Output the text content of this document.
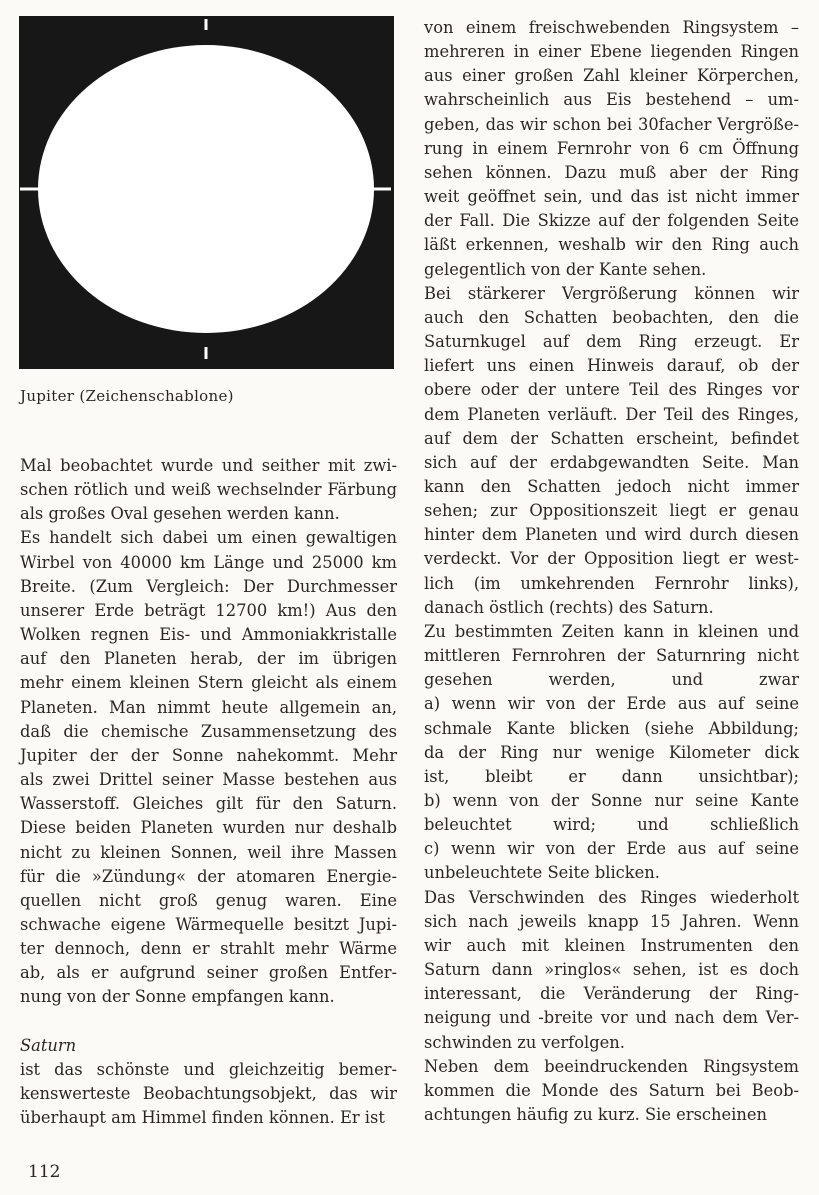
Jupiter (Zeichenschablone)
Mal beobachtet wurde und seither mit zwi-
schen rötlich und weiß wechselnder Färbung
als großes Oval gesehen werden kann.
Es handelt sich dabei um einen gewaltigen
Wirbel von 40000 km Länge und 25000 km
Breite. (Zum Vergleich: Der Durchmesser
unserer Erde beträgt 12700 km!) Aus den
Wolken regnen Eis- und Ammoniakkristalle
auf den Planeten herab, der im übrigen
mehr einem kleinen Stern gleicht als einem
Planeten. Man nimmt heute allgemein an,
daß die chemische Zusammensetzung des
Jupiter der der Sonne nahekommt. Mehr
als zwei Drittel seiner Masse bestehen aus
Wasserstoff. Gleiches gilt für den Saturn.
Diese beiden Planeten wurden nur deshalb
nicht zu kleinen Sonnen, weil ihre Massen
für die »Zündung« der atomaren Energie-
quellen nicht groß genug waren. Eine
schwache eigene Wärmequelle besitzt Jupi-
ter dennoch, denn er strahlt mehr Wärme
ab, als er aufgrund seiner großen Entfer-
nung von der Sonne empfangen kann.
Saturn
ist das schönste und gleichzeitig bemer-
kenswerteste Beobachtungsobjekt, das wir
überhaupt am Himmel finden können. Er ist
von einem freischwebenden Ringsystem –
mehreren in einer Ebene liegenden Ringen
aus einer großen Zahl kleiner Körperchen,
wahrscheinlich aus Eis bestehend – um-
geben, das wir schon bei 30facher Vergröße-
rung in einem Fernrohr von 6 cm Öffnung
sehen können. Dazu muß aber der Ring
weit geöffnet sein, und das ist nicht immer
der Fall. Die Skizze auf der folgenden Seite
läßt erkennen, weshalb wir den Ring auch
gelegentlich von der Kante sehen.
Bei stärkerer Vergrößerung können wir
auch den Schatten beobachten, den die
Saturnkugel auf dem Ring erzeugt. Er
liefert uns einen Hinweis darauf, ob der
obere oder der untere Teil des Ringes vor
dem Planeten verläuft. Der Teil des Ringes,
auf dem der Schatten erscheint, befindet
sich auf der erdabgewandten Seite. Man
kann den Schatten jedoch nicht immer
sehen; zur Oppositionszeit liegt er genau
hinter dem Planeten und wird durch diesen
verdeckt. Vor der Opposition liegt er west-
lich (im umkehrenden Fernrohr links),
danach östlich (rechts) des Saturn.
Zu bestimmten Zeiten kann in kleinen und
mittleren Fernrohren der Saturnring nicht
gesehen werden, und zwar
a) wenn wir von der Erde aus auf seine
schmale Kante blicken (siehe Abbildung;
da der Ring nur wenige Kilometer dick
ist, bleibt er dann unsichtbar);
b) wenn von der Sonne nur seine Kante
beleuchtet wird; und schließlich
c) wenn wir von der Erde aus auf seine
unbeleuchtete Seite blicken.
Das Verschwinden des Ringes wiederholt
sich nach jeweils knapp 15 Jahren. Wenn
wir auch mit kleinen Instrumenten den
Saturn dann »ringlos« sehen, ist es doch
interessant, die Veränderung der Ring-
neigung und -breite vor und nach dem Ver-
schwinden zu verfolgen.
Neben dem beeindruckenden Ringsystem
kommen die Monde des Saturn bei Beob-
achtungen häufig zu kurz. Sie erscheinen
112
